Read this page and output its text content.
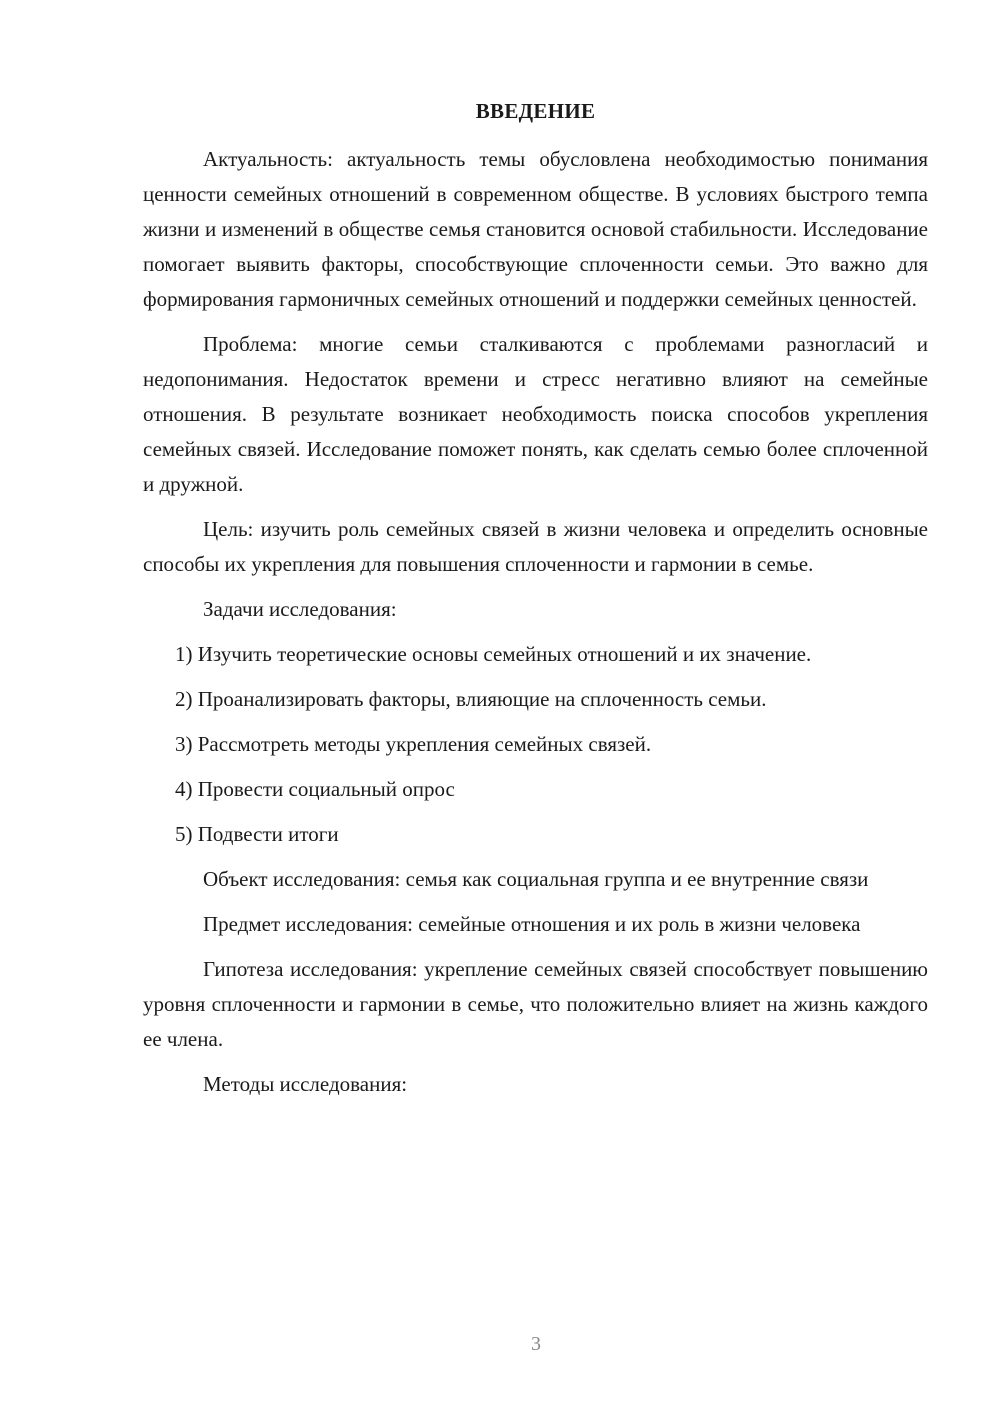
ВВЕДЕНИЕ

Актуальность: актуальность темы обусловлена необходимостью понимания ценности семейных отношений в современном обществе. В условиях быстрого темпа жизни и изменений в обществе семья становится основой стабильности. Исследование помогает выявить факторы, способствующие сплоченности семьи. Это важно для формирования гармоничных семейных отношений и поддержки семейных ценностей.

Проблема: многие семьи сталкиваются с проблемами разногласий и недопонимания. Недостаток времени и стресс негативно влияют на семейные отношения. В результате возникает необходимость поиска способов укрепления семейных связей. Исследование поможет понять, как сделать семью более сплоченной и дружной.

Цель: изучить роль семейных связей в жизни человека и определить основные способы их укрепления для повышения сплоченности и гармонии в семье.

Задачи исследования:

1) Изучить теоретические основы семейных отношений и их значение.

2) Проанализировать факторы, влияющие на сплоченность семьи.

3) Рассмотреть методы укрепления семейных связей.

4) Провести социальный опрос

5) Подвести итоги

Объект исследования: семья как социальная группа и ее внутренние связи

Предмет исследования: семейные отношения и их роль в жизни человека

Гипотеза исследования: укрепление семейных связей способствует повышению уровня сплоченности и гармонии в семье, что положительно влияет на жизнь каждого ее члена.

Методы исследования:

3
